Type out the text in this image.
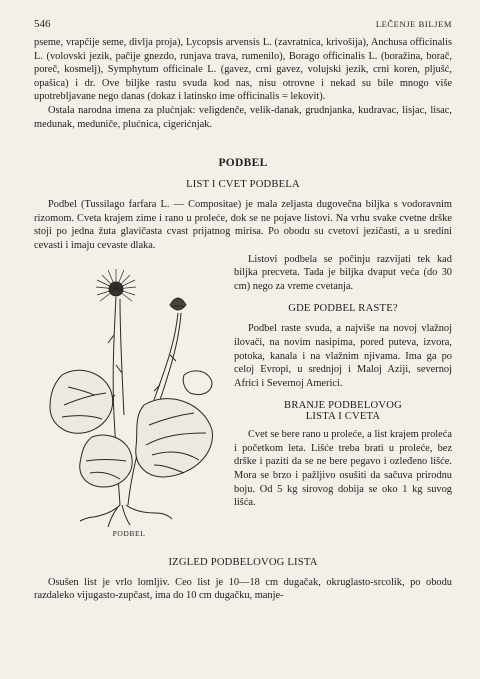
546	LEČENJE BILJEM

pseme, vrapčije seme, divlja proja), Lycopsis arvensis L. (zavratnica, krivošija), Anchusa officinalis L. (volovski jezik, pačije gnezdo, runjava trava, rumenilo), Borago officinalis L. (boražina, borač, poreč, kosmelj), Symphytum officinale L. (gavez, crni gavez, volujski jezik, crni koren, pljušć, opašica) i dr. Ove biljke rastu svuda kod nas, nisu otrovne i nekad su bile mnogo više upotrebljavane nego danas (dokaz i latinsko ime officinalis = lekovit).

Ostala narodna imena za plućnjak: veligdenče, velik-danak, grudnjanka, kudravac, lisjac, lisac, medunak, meduniče, plućnica, cigerićnjak.

PODBEL
LIST I CVET PODBELA

Podbel (Tussilago farfara L. — Compositae) je mala zeljasta dugovečna biljka s vodoravnim rizomom. Cveta krajem zime i rano u proleće, dok se ne pojave listovi. Na vrhu svake cvetne drške stoji po jedna žuta glavičasta cvast prijatnog mirisa. Po obodu su cvetovi jezičasti, a u sredini cevasti i imaju cevaste dlaka.

PODBEL

Listovi podbela se počinju razvijati tek kad biljka precveta. Tada je biljka dvaput veća (do 30 cm) nego za vreme cvetanja.

GDE PODBEL RASTE?

Podbel raste svuda, a najviše na novoj vlažnoj ilovači, na novim nasipima, pored puteva, izvora, potoka, kanala i na vlažnim njivama. Ima ga po celoj Evropi, u srednjoj i Maloj Aziji, severnoj Africi i Severnoj Americi.

BRANJE PODBELOVOG
LISTA I CVETA

Cvet se bere rano u proleće, a list krajem proleća i početkom leta. Lišće treba brati u proleće, bez drške i paziti da se ne bere pegavo i ozleđeno lišće. Mora se brzo i pažljivo osušiti da sačuva prirodnu boju. Od 5 kg sirovog dobija se oko 1 kg suvog lišća.

IZGLED PODBELOVOG LISTA

Osušen list je vrlo lomljiv. Ceo list je 10—18 cm dugačak, okruglasto-srcolik, po obodu razdaleko vijugasto-zupčast, ima do 10 cm dugačku, manje-
